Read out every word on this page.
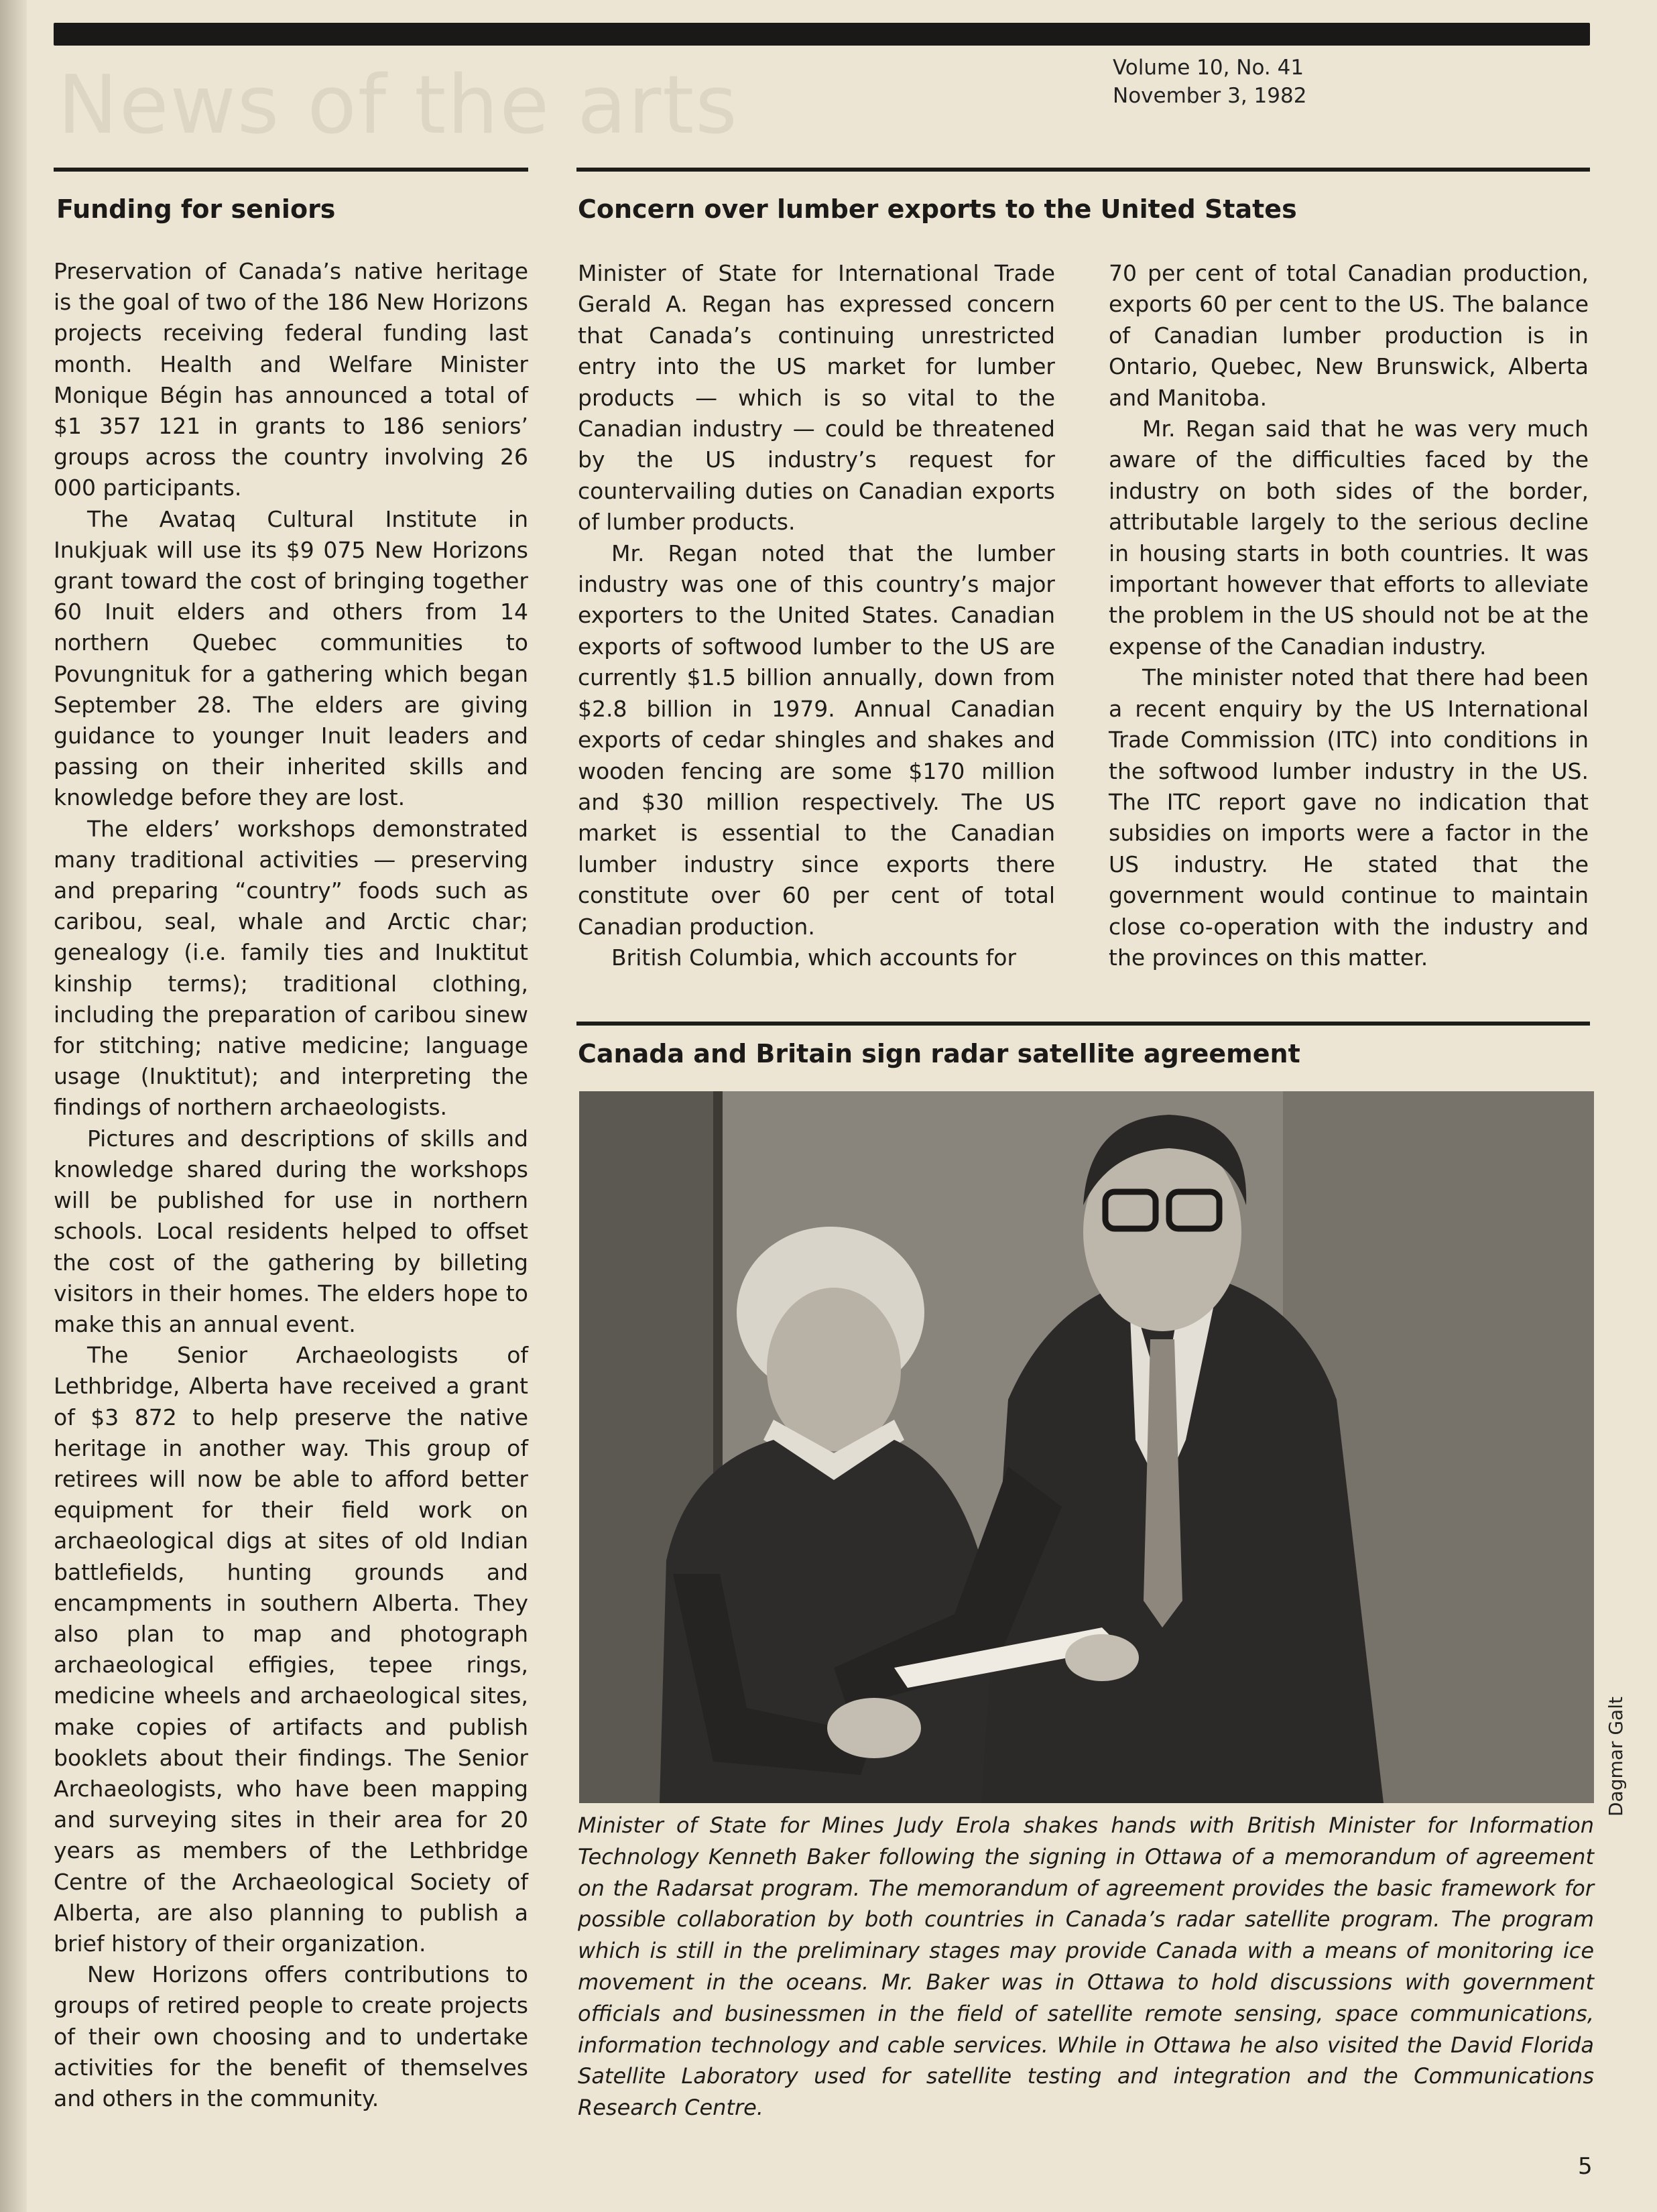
News of the arts	Volume 10, No. 41
November 3, 1982
Funding for seniors

Preservation of Canada’s native heritage is the goal of two of the 186 New Horizons projects receiving federal funding last month. Health and Welfare Minister Monique Bégin has announced a total of $1 357 121 in grants to 186 seniors’ groups across the country involving 26 000 participants.

The Avataq Cultural Institute in Inukjuak will use its $9 075 New Horizons grant toward the cost of bringing together 60 Inuit elders and others from 14 northern Quebec communities to Povungnituk for a gathering which began September 28. The elders are giving guidance to younger Inuit leaders and passing on their inherited skills and knowledge before they are lost.

The elders’ workshops demonstrated many traditional activities — preserving and preparing “country” foods such as caribou, seal, whale and Arctic char; genealogy (i.e. family ties and Inuktitut kinship terms); traditional clothing, including the preparation of caribou sinew for stitching; native medicine; language usage (Inuktitut); and interpreting the findings of northern archaeologists.

Pictures and descriptions of skills and knowledge shared during the workshops will be published for use in northern schools. Local residents helped to offset the cost of the gathering by billeting visitors in their homes. The elders hope to make this an annual event.

The Senior Archaeologists of Lethbridge, Alberta have received a grant of $3 872 to help preserve the native heritage in another way. This group of retirees will now be able to afford better equipment for their field work on archaeological digs at sites of old Indian battlefields, hunting grounds and encampments in southern Alberta. They also plan to map and photograph archaeological effigies, tepee rings, medicine wheels and archaeological sites, make copies of artifacts and publish booklets about their findings. The Senior Archaeologists, who have been mapping and surveying sites in their area for 20 years as members of the Lethbridge Centre of the Archaeological Society of Alberta, are also planning to publish a brief history of their organization.

New Horizons offers contributions to groups of retired people to create projects of their own choosing and to undertake activities for the benefit of themselves and others in the community.

Concern over lumber exports to the United States

Minister of State for International Trade Gerald A. Regan has expressed concern that Canada’s continuing unrestricted entry into the US market for lumber products — which is so vital to the Canadian industry — could be threatened by the US industry’s request for countervailing duties on Canadian exports of lumber products.

Mr. Regan noted that the lumber industry was one of this country’s major exporters to the United States. Canadian exports of softwood lumber to the US are currently $1.5 billion annually, down from $2.8 billion in 1979. Annual Canadian exports of cedar shingles and shakes and wooden fencing are some $170 million and $30 million respectively. The US market is essential to the Canadian lumber industry since exports there constitute over 60 per cent of total Canadian production.

British Columbia, which accounts for

70 per cent of total Canadian production, exports 60 per cent to the US. The balance of Canadian lumber production is in Ontario, Quebec, New Brunswick, Alberta and Manitoba.

Mr. Regan said that he was very much aware of the difficulties faced by the industry on both sides of the border, attributable largely to the serious decline in housing starts in both countries. It was important however that efforts to alleviate the problem in the US should not be at the expense of the Canadian industry.

The minister noted that there had been a recent enquiry by the US International Trade Commission (ITC) into conditions in the softwood lumber industry in the US. The ITC report gave no indication that subsidies on imports were a factor in the US industry. He stated that the government would continue to maintain close co-operation with the industry and the provinces on this matter.

Canada and Britain sign radar satellite agreement
Dagmar Galt
Minister of State for Mines Judy Erola shakes hands with British Minister for Information Technology Kenneth Baker following the signing in Ottawa of a memorandum of agreement on the Radarsat program. The memorandum of agreement provides the basic framework for possible collaboration by both countries in Canada’s radar satellite program. The program which is still in the preliminary stages may provide Canada with a means of monitoring ice movement in the oceans. Mr. Baker was in Ottawa to hold discussions with government officials and businessmen in the field of satellite remote sensing, space communications, information technology and cable services. While in Ottawa he also visited the David Florida Satellite Laboratory used for satellite testing and integration and the Communications Research Centre.
5
